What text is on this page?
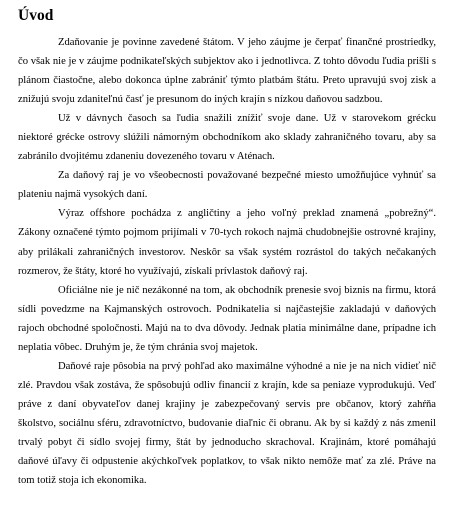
Úvod

Zdaňovanie je povinne zavedené štátom. V jeho záujme je čerpať finančné prostriedky, čo však nie je v záujme podnikateľských subjektov ako i jednotlivca. Z tohto dôvodu ľudia prišli s plánom čiastočne, alebo dokonca úplne zabrániť týmto platbám štátu. Preto upravujú svoj zisk a znižujú svoju zdaniteľnú časť je presunom do iných krajín s nízkou daňovou sadzbou.

Už v dávnych časoch sa ľudia snažili znížiť svoje dane. Už v starovekom grécku niektoré grécke ostrovy slúžili námorným obchodníkom ako sklady zahraničného tovaru, aby sa zabránilo dvojitému zdaneniu dovezeného tovaru v Aténach.

Za daňový raj je vo všeobecnosti považované bezpečné miesto umožňujúce vyhnúť sa plateniu najmä vysokých daní.

Výraz offshore pochádza z angličtiny a jeho voľný preklad znamená „pobrežný“. Zákony označené týmto pojmom prijímali v 70-tych rokoch najmä chudobnejšie ostrovné krajiny, aby prilákali zahraničných investorov. Neskôr sa však systém rozrástol do takých nečakaných rozmerov, že štáty, ktoré ho využívajú, získali prívlastok daňový raj.

Oficiálne nie je nič nezákonné na tom, ak obchodník prenesie svoj biznis na firmu, ktorá sídli povedzme na Kajmanských ostrovoch. Podnikatelia si najčastejšie zakladajú v daňových rajoch obchodné spoločnosti. Majú na to dva dôvody. Jednak platia minimálne dane, prípadne ich neplatia vôbec. Druhým je, že tým chránia svoj majetok.

Daňové raje pôsobia na prvý pohľad ako maximálne výhodné a nie je na nich vidieť nič zlé. Pravdou však zostáva, že spôsobujú odliv financií z krajín, kde sa peniaze vyprodukujú. Veď práve z daní obyvateľov danej krajiny je zabezpečovaný servis pre občanov, ktorý zahŕňa školstvo, sociálnu sféru, zdravotníctvo, budovanie diaľnic či obranu. Ak by si každý z nás zmenil trvalý pobyt či sídlo svojej firmy, štát by jednoducho skrachoval. Krajinám, ktoré pomáhajú daňové úľavy či odpustenie akýchkoľvek poplatkov, to však nikto nemôže mať za zlé. Práve na tom totiž stoja ich ekonomika.
